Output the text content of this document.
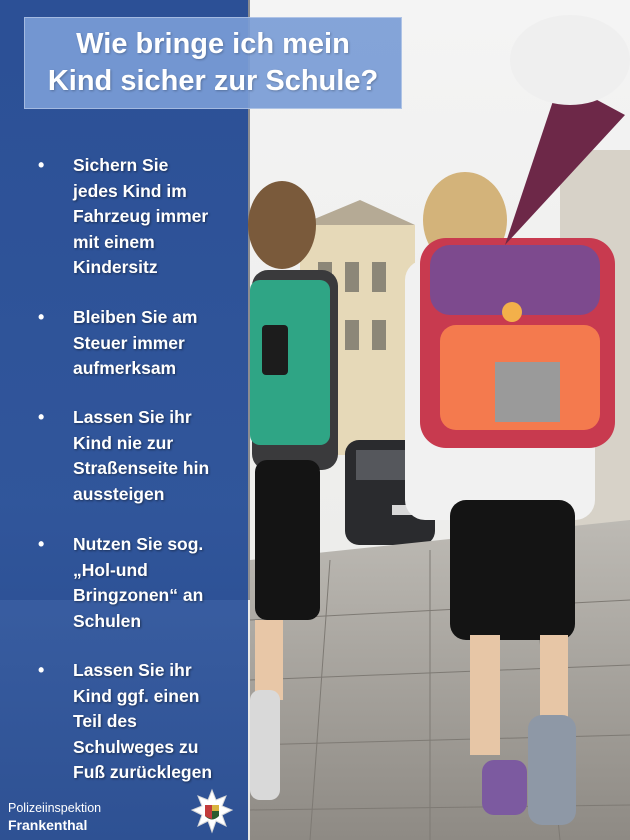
Wie bringe ich mein
Kind sicher zur Schule?
• Sichern Sie
jedes Kind im
Fahrzeug immer
mit einem
Kindersitz
• Bleiben Sie am
Steuer immer
aufmerksam
• Lassen Sie ihr
Kind nie zur
Straßenseite hin
aussteigen
• Nutzen Sie sog.
„Hol-und
Bringzonen“ an
Schulen
• Lassen Sie ihr
Kind ggf. einen
Teil des
Schulweges zu
Fuß zurücklegen
Polizeiinspektion
Frankenthal
